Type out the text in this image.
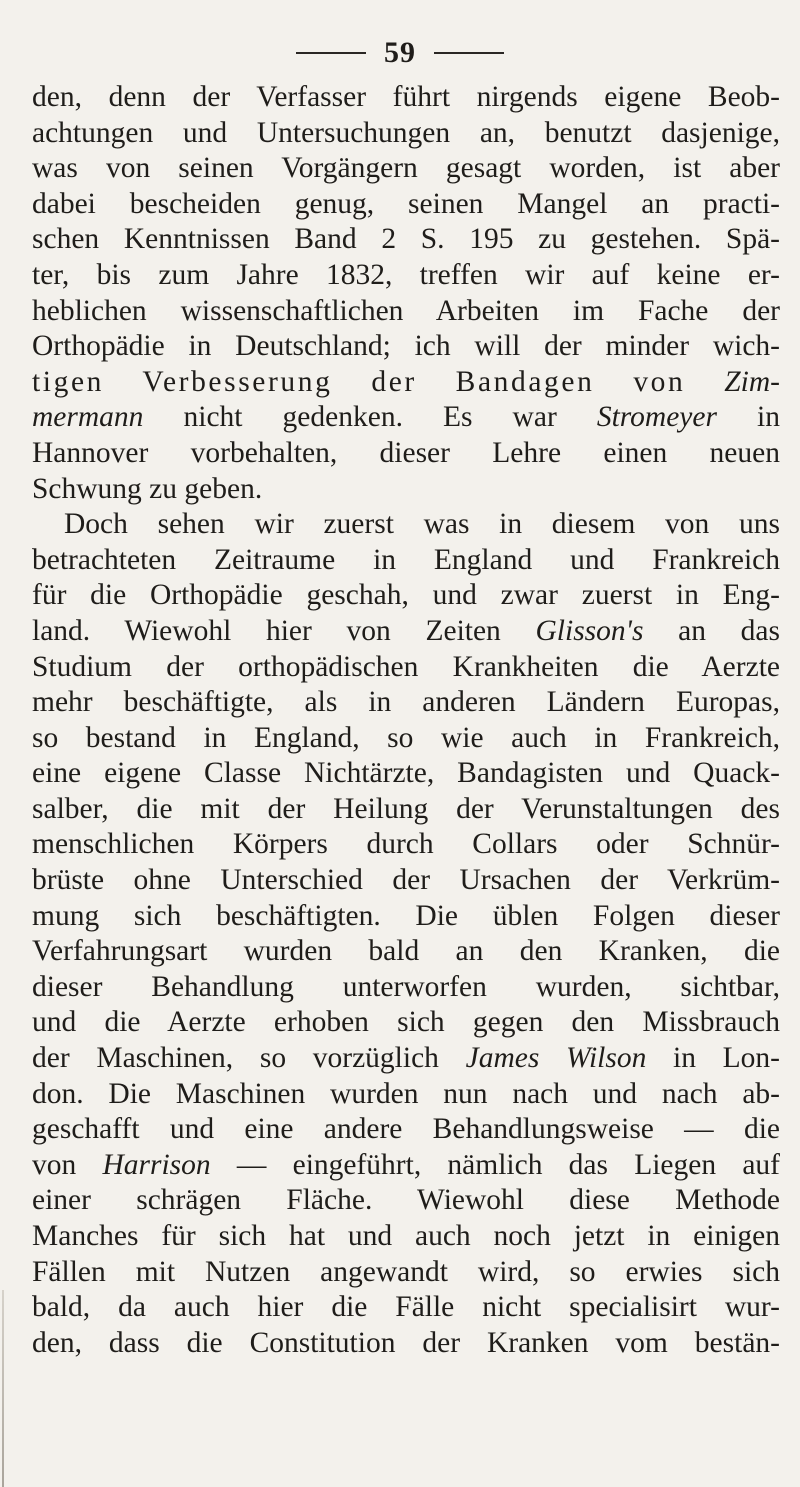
59
den, denn der Verfasser führt nirgends eigene Beob-
achtungen und Untersuchungen an, benutzt dasjenige,
was von seinen Vorgängern gesagt worden, ist aber
dabei bescheiden genug, seinen Mangel an practi-
schen Kenntnissen Band 2 S. 195 zu gestehen. Spä-
ter, bis zum Jahre 1832, treffen wir auf keine er-
heblichen wissenschaftlichen Arbeiten im Fache der
Orthopädie in Deutschland; ich will der minder wich-
tigen Verbesserung der Bandagen von Zim-
mermann nicht gedenken. Es war Stromeyer in
Hannover vorbehalten, dieser Lehre einen neuen
Schwung zu geben.
Doch sehen wir zuerst was in diesem von uns
betrachteten Zeitraume in England und Frankreich
für die Orthopädie geschah, und zwar zuerst in Eng-
land. Wiewohl hier von Zeiten Glisson's an das
Studium der orthopädischen Krankheiten die Aerzte
mehr beschäftigte, als in anderen Ländern Europas,
so bestand in England, so wie auch in Frankreich,
eine eigene Classe Nichtärzte, Bandagisten und Quack-
salber, die mit der Heilung der Verunstaltungen des
menschlichen Körpers durch Collars oder Schnür-
brüste ohne Unterschied der Ursachen der Verkrüm-
mung sich beschäftigten. Die üblen Folgen dieser
Verfahrungsart wurden bald an den Kranken, die
dieser Behandlung unterworfen wurden, sichtbar,
und die Aerzte erhoben sich gegen den Missbrauch
der Maschinen, so vorzüglich James Wilson in Lon-
don. Die Maschinen wurden nun nach und nach ab-
geschafft und eine andere Behandlungsweise — die
von Harrison — eingeführt, nämlich das Liegen auf
einer schrägen Fläche. Wiewohl diese Methode
Manches für sich hat und auch noch jetzt in einigen
Fällen mit Nutzen angewandt wird, so erwies sich
bald, da auch hier die Fälle nicht specialisirt wur-
den, dass die Constitution der Kranken vom bestän-
